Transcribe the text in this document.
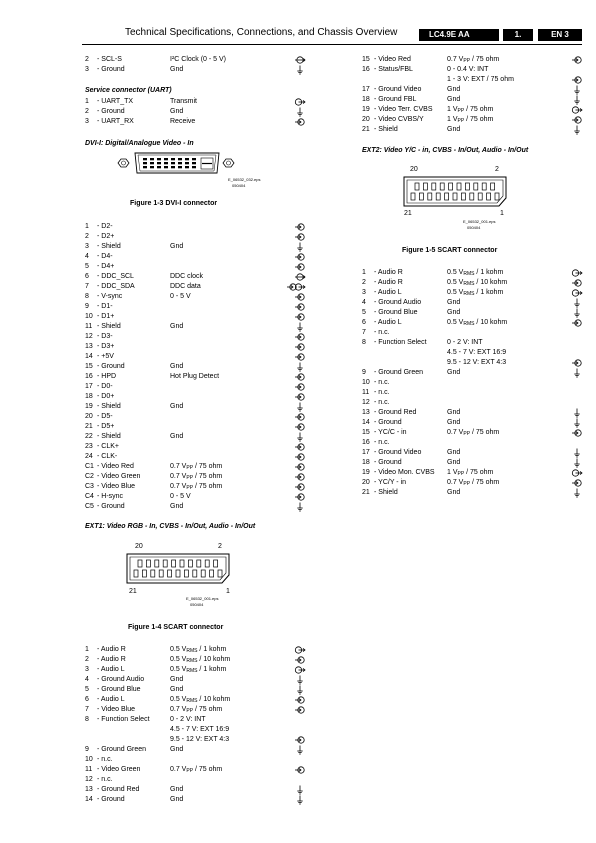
Technical Specifications, Connections, and Chassis Overview	LC4.9E AA	1.	EN 3
2 - SCL-S	I²C Clock (0 - 5 V)
3 - Ground	Gnd
Service connector (UART)
1 - UART_TX	Transmit
2 - Ground	Gnd
3 - UART_RX	Receive
DVI-I: Digital/Analogue Video - In
E_06532_032.eps
050404
Figure 1-3 DVI-I connector
1 - D2-
2 - D2+
3 - Shield	Gnd
4 - D4-
5 - D4+
6 - DDC_SCL	DDC clock
7 - DDC_SDA	DDC data
8 - V-sync	0 - 5 V
9 - D1-
10 - D1+
11 - Shield	Gnd
12 - D3-
13 - D3+
14 - +5V
15 - Ground	Gnd
16 - HPD	Hot Plug Detect
17 - D0-
18 - D0+
19 - Shield	Gnd
20 - D5-
21 - D5+
22 - Shield	Gnd
23 - CLK+
24 - CLK-
C1 - Video Red	0.7 $V_{PP} / 75$ ohm
C2 - Video Green	0.7 $V_{PP} / 75$ ohm
C3 - Video Blue	0.7 $V_{PP} / 75$ ohm
C4 - H-sync	0 - 5 V
C5 - Ground	Gnd
EXT1: Video RGB - In, CVBS - In/Out, Audio - In/Out
20	2
21	1
E_06532_001.eps
050404
Figure 1-4 SCART connector
1 - Audio R	0.5 $V_{RMS} / 1$ kohm
2 - Audio R	0.5 $V_{RMS} / 10$ kohm
3 - Audio L	0.5 $V_{RMS} / 1$ kohm
4 - Ground Audio	Gnd
5 - Ground Blue	Gnd
6 - Audio L	0.5 $V_{RMS} / 10$ kohm
7 - Video Blue	0.7 $V_{PP} / 75$ ohm
8 - Function Select	0 - 2 V: INT
4.5 - 7 V: EXT 16:9
9.5 - 12 V: EXT 4:3
9 - Ground Green	Gnd
10 - n.c.
11 - Video Green	0.7 $V_{PP} / 75$ ohm
12 - n.c.
13 - Ground Red	Gnd
14 - Ground	Gnd
15 - Video Red	0.7 $V_{PP} / 75$ ohm
16 - Status/FBL	0 - 0.4 V: INT
1 - 3 V: EXT / 75 ohm
17 - Ground Video	Gnd
18 - Ground FBL	Gnd
19 - Video Terr. CVBS 1 $V_{PP} / 75$ ohm
20 - Video CVBS/Y	1 $V_{PP} / 75$ ohm
21 - Shield	Gnd
EXT2: Video Y/C - in, CVBS - In/Out, Audio - In/Out
20	2
21	1
E_06532_001.eps
050404
Figure 1-5 SCART connector
1 - Audio R	0.5 $V_{RMS} / 1$ kohm
2 - Audio R	0.5 $V_{RMS} / 10$ kohm
3 - Audio L	0.5 $V_{RMS} / 1$ kohm
4 - Ground Audio	Gnd
5 - Ground Blue	Gnd
6 - Audio L	0.5 $V_{RMS} / 10$ kohm
7 - n.c.
8 - Function Select	0 - 2 V: INT
4.5 - 7 V: EXT 16:9
9.5 - 12 V: EXT 4:3
9 - Ground Green	Gnd
10 - n.c.
11 - n.c.
12 - n.c.
13 - Ground Red	Gnd
14 - Ground	Gnd
15 - YC/C - in	0.7 $V_{PP} / 75$ ohm
16 - n.c.
17 - Ground Video	Gnd
18 - Ground	Gnd
19 - Video Mon. CVBS 1 $V_{PP} / 75$ ohm
20 - YC/Y - in	0.7 $V_{PP} / 75$ ohm
21 - Shield	Gnd
